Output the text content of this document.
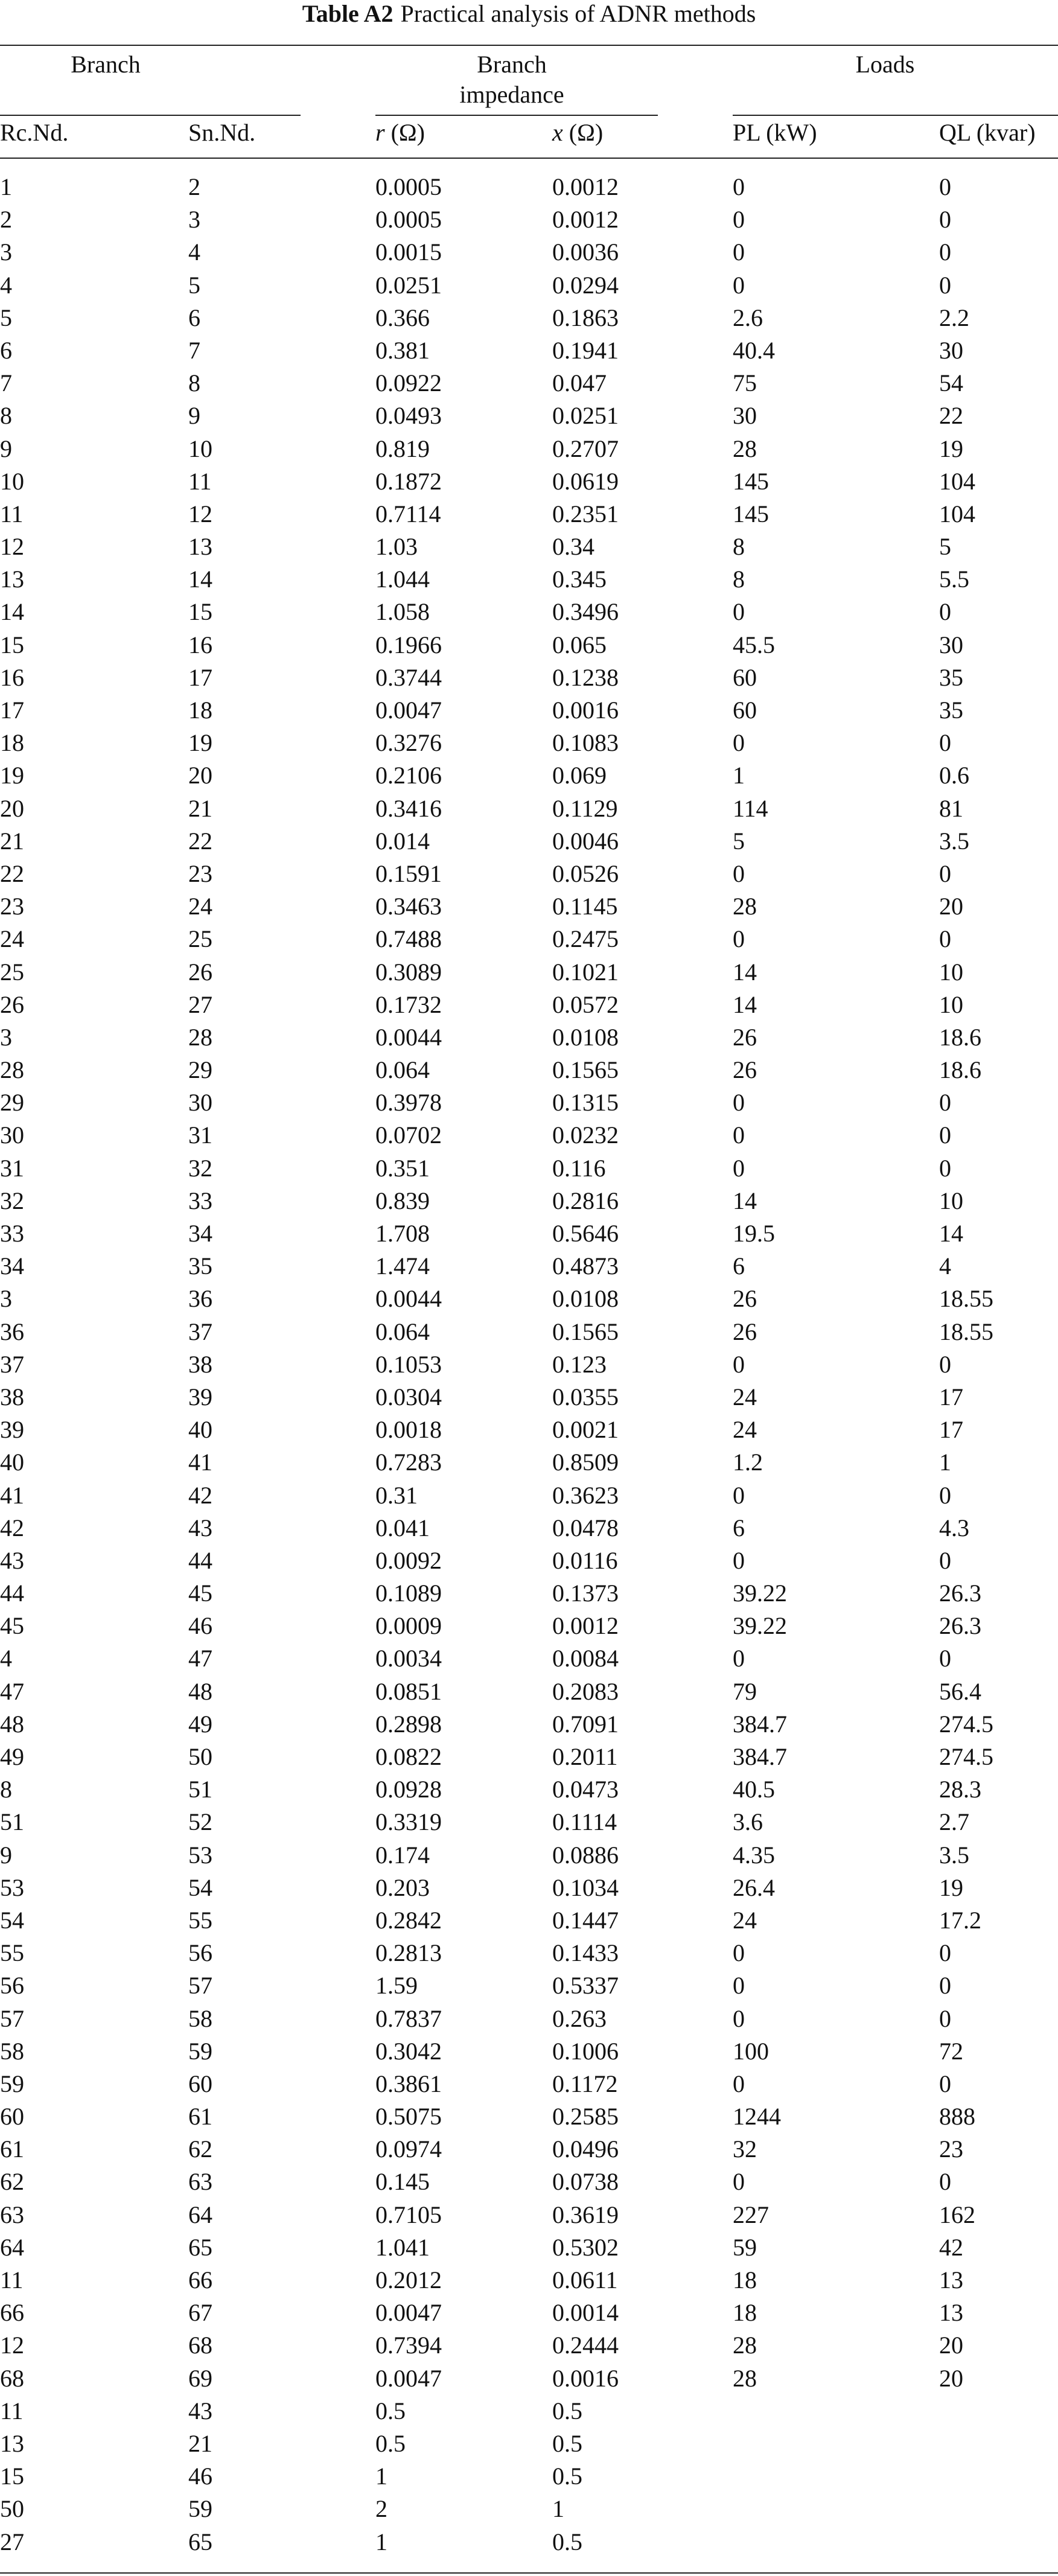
Table A2 Practical analysis of ADNR methods
Branch	Branch
impedance
Loads
Rc.Nd.	Sn.Nd.	r (Ω)	x (Ω)	PL (kW)	QL (kvar)
1	2	0.0005	0.0012	0	0
2	3	0.0005	0.0012	0	0
3	4	0.0015	0.0036	0	0
4	5	0.0251	0.0294	0	0
5	6	0.366	0.1863	2.6	2.2
6	7	0.381	0.1941	40.4	30
7	8	0.0922	0.047	75	54
8	9	0.0493	0.0251	30	22
9	10	0.819	0.2707	28	19
10	11	0.1872	0.0619	145	104
11	12	0.7114	0.2351	145	104
12	13	1.03	0.34	8	5
13	14	1.044	0.345	8	5.5
14	15	1.058	0.3496	0	0
15	16	0.1966	0.065	45.5	30
16	17	0.3744	0.1238	60	35
17	18	0.0047	0.0016	60	35
18	19	0.3276	0.1083	0	0
19	20	0.2106	0.069	1	0.6
20	21	0.3416	0.1129	114	81
21	22	0.014	0.0046	5	3.5
22	23	0.1591	0.0526	0	0
23	24	0.3463	0.1145	28	20
24	25	0.7488	0.2475	0	0
25	26	0.3089	0.1021	14	10
26	27	0.1732	0.0572	14	10
3	28	0.0044	0.0108	26	18.6
28	29	0.064	0.1565	26	18.6
29	30	0.3978	0.1315	0	0
30	31	0.0702	0.0232	0	0
31	32	0.351	0.116	0	0
32	33	0.839	0.2816	14	10
33	34	1.708	0.5646	19.5	14
34	35	1.474	0.4873	6	4
3	36	0.0044	0.0108	26	18.55
36	37	0.064	0.1565	26	18.55
37	38	0.1053	0.123	0	0
38	39	0.0304	0.0355	24	17
39	40	0.0018	0.0021	24	17
40	41	0.7283	0.8509	1.2	1
41	42	0.31	0.3623	0	0
42	43	0.041	0.0478	6	4.3
43	44	0.0092	0.0116	0	0
44	45	0.1089	0.1373	39.22	26.3
45	46	0.0009	0.0012	39.22	26.3
4	47	0.0034	0.0084	0	0
47	48	0.0851	0.2083	79	56.4
48	49	0.2898	0.7091	384.7	274.5
49	50	0.0822	0.2011	384.7	274.5
8	51	0.0928	0.0473	40.5	28.3
51	52	0.3319	0.1114	3.6	2.7
9	53	0.174	0.0886	4.35	3.5
53	54	0.203	0.1034	26.4	19
54	55	0.2842	0.1447	24	17.2
55	56	0.2813	0.1433	0	0
56	57	1.59	0.5337	0	0
57	58	0.7837	0.263	0	0
58	59	0.3042	0.1006	100	72
59	60	0.3861	0.1172	0	0
60	61	0.5075	0.2585	1244	888
61	62	0.0974	0.0496	32	23
62	63	0.145	0.0738	0	0
63	64	0.7105	0.3619	227	162
64	65	1.041	0.5302	59	42
11	66	0.2012	0.0611	18	13
66	67	0.0047	0.0014	18	13
12	68	0.7394	0.2444	28	20
68	69	0.0047	0.0016	28	20
11	43	0.5	0.5
13	21	0.5	0.5
15	46	1	0.5
50	59	2	1
27	65	1	0.5
